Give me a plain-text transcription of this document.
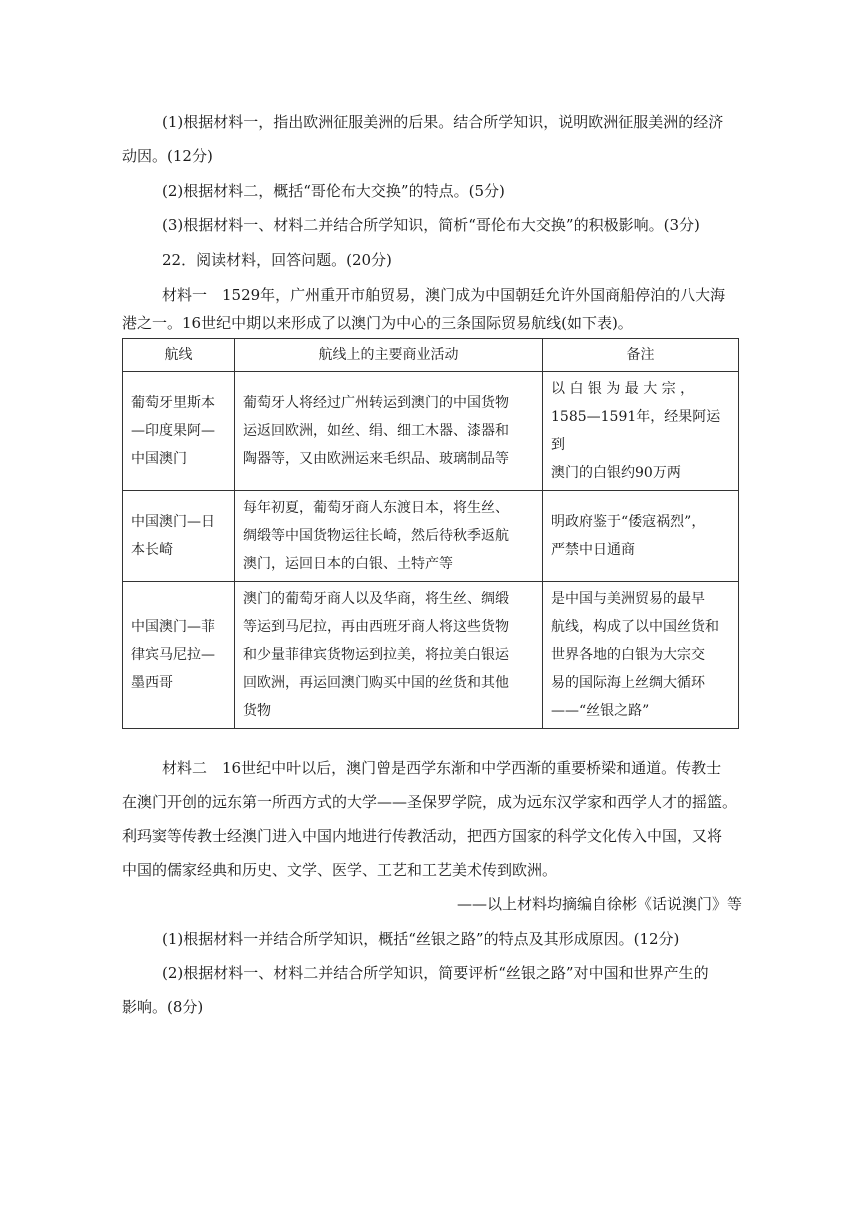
(1)根据材料一，指出欧洲征服美洲的后果。结合所学知识，说明欧洲征服美洲的经济
动因。(12分)
(2)根据材料二，概括“哥伦布大交换”的特点。(5分)
(3)根据材料一、材料二并结合所学知识，简析“哥伦布大交换”的积极影响。(3分)
22．阅读材料，回答问题。(20分)
材料一　1529年，广州重开市舶贸易，澳门成为中国朝廷允许外国商船停泊的八大海
港之一。16世纪中期以来形成了以澳门为中心的三条国际贸易航线(如下表)。
航线	航线上的主要商业活动	备注

葡萄牙里斯本
—印度果阿—
中国澳门	葡萄牙人将经过广州转运到澳门的中国货物
运返回欧洲，如丝、绢、细工木器、漆器和
陶器等，又由欧洲运来毛织品、玻璃制品等	以 白 银 为 最 大 宗 ，
1585—1591年，经果阿运到
澳门的白银约90万两

中国澳门—日
本长崎	每年初夏，葡萄牙商人东渡日本，将生丝、
绸缎等中国货物运往长崎，然后待秋季返航
澳门，运回日本的白银、土特产等	明政府鉴于“倭寇祸烈”，
严禁中日通商

中国澳门—菲
律宾马尼拉—
墨西哥	澳门的葡萄牙商人以及华商，将生丝、绸缎
等运到马尼拉，再由西班牙商人将这些货物
和少量菲律宾货物运到拉美，将拉美白银运
回欧洲，再运回澳门购买中国的丝货和其他
货物	是中国与美洲贸易的最早
航线，构成了以中国丝货和
世界各地的白银为大宗交
易的国际海上丝绸大循环
——“丝银之路”
材料二　16世纪中叶以后，澳门曾是西学东渐和中学西渐的重要桥梁和通道。传教士
在澳门开创的远东第一所西方式的大学——圣保罗学院，成为远东汉学家和西学人才的摇篮。
利玛窦等传教士经澳门进入中国内地进行传教活动，把西方国家的科学文化传入中国，又将
中国的儒家经典和历史、文学、医学、工艺和工艺美术传到欧洲。
——以上材料均摘编自徐彬《话说澳门》等
(1)根据材料一并结合所学知识，概括“丝银之路”的特点及其形成原因。(12分)
(2)根据材料一、材料二并结合所学知识，简要评析“丝银之路”对中国和世界产生的
影响。(8分)
